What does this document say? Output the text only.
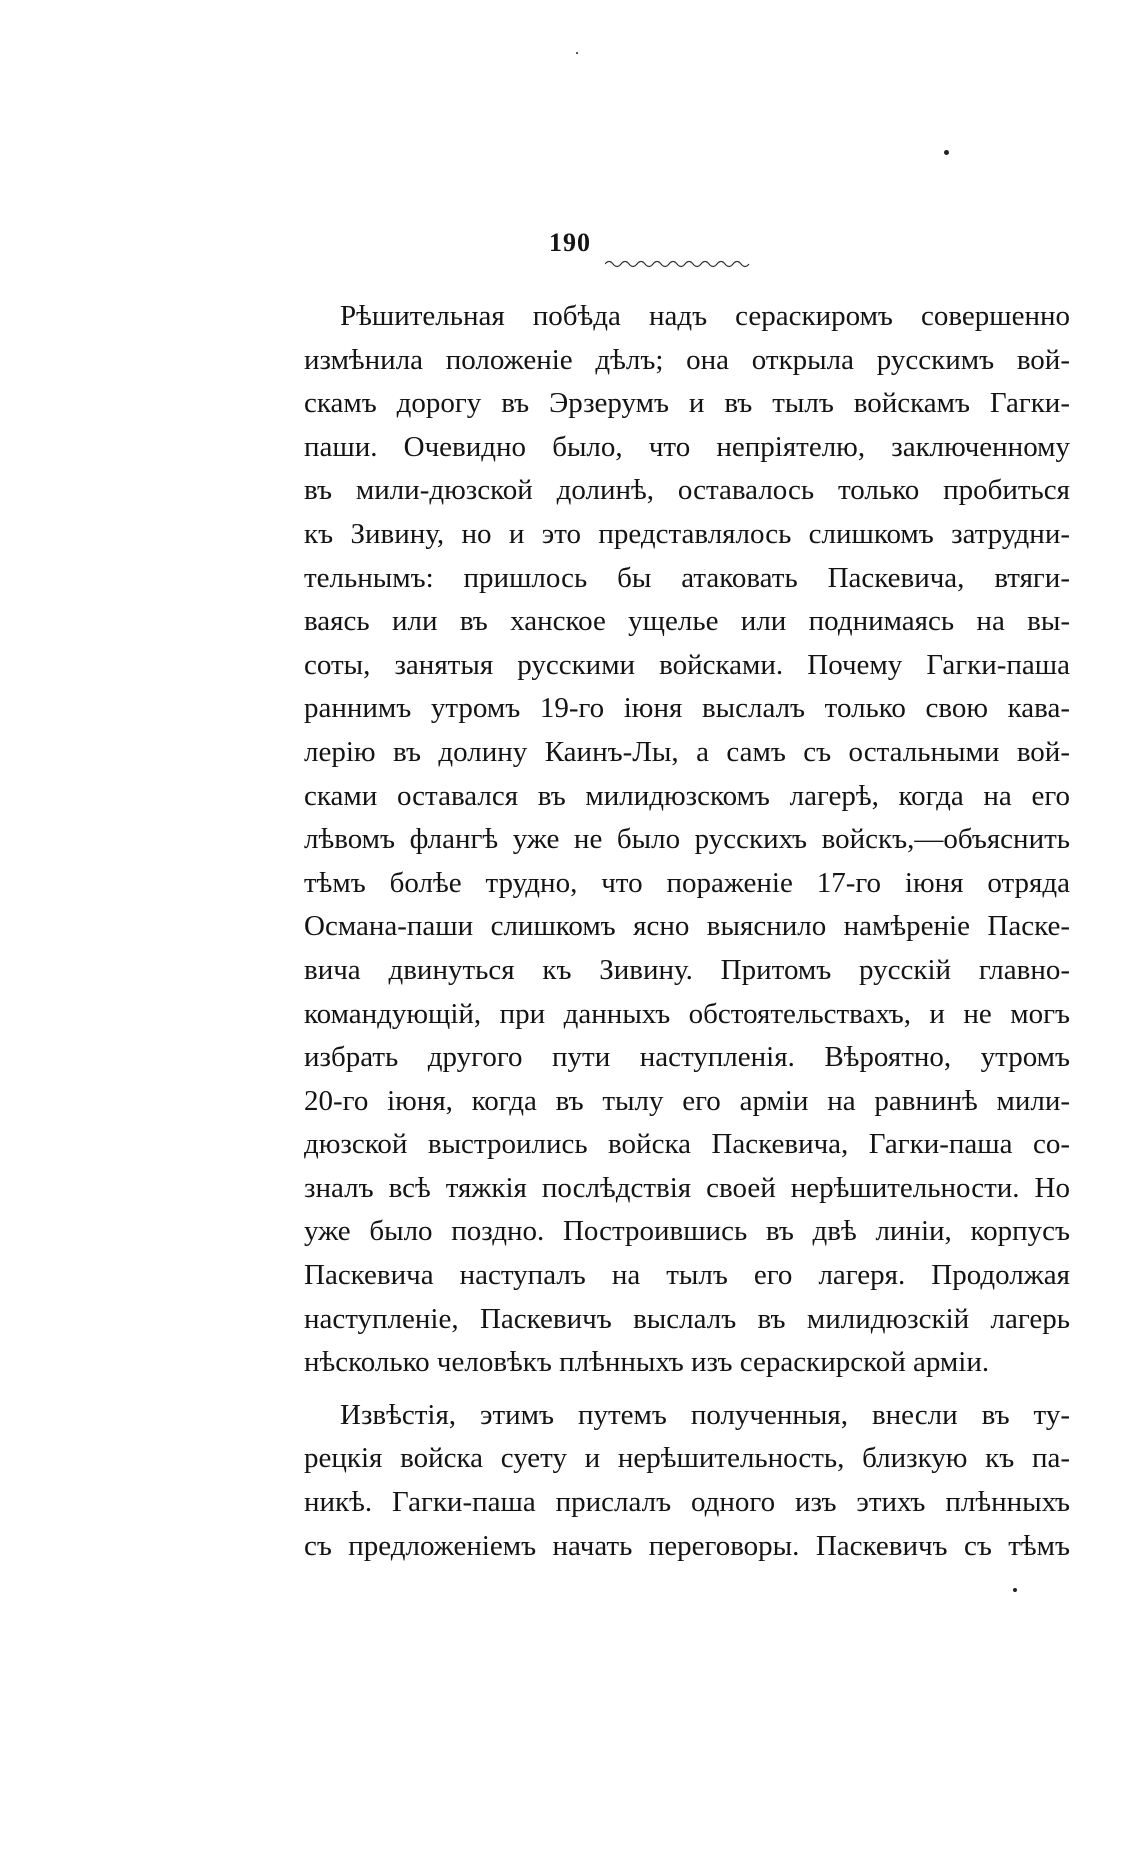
190
Рѣшительная побѣда надъ сераскиромъ совершенно
измѣнила положеніе дѣлъ; она открыла русскимъ вой-
скамъ дорогу въ Эрзерумъ и въ тылъ войскамъ Гагки-
паши. Очевидно было, что непріятелю, заключенному
въ мили-дюзской долинѣ, оставалось только пробиться
къ Зивину, но и это представлялось слишкомъ затрудни-
тельнымъ: пришлось бы атаковать Паскевича, втяги-
ваясь или въ ханское ущелье или поднимаясь на вы-
соты, занятыя русскими войсками. Почему Гагки-паша
раннимъ утромъ 19-го іюня выслалъ только свою кава-
лерію въ долину Каинъ-Лы, а самъ съ остальными вой-
сками оставался въ милидюзскомъ лагерѣ, когда на его
лѣвомъ флангѣ уже не было русскихъ войскъ,—объяснить
тѣмъ болѣе трудно, что пораженіе 17-го іюня отряда
Османа-паши слишкомъ ясно выяснило намѣреніе Паске-
вича двинуться къ Зивину. Притомъ русскій главно-
командующій, при данныхъ обстоятельствахъ, и не могъ
избрать другого пути наступленія. Вѣроятно, утромъ
20-го іюня, когда въ тылу его арміи на равнинѣ мили-
дюзской выстроились войска Паскевича, Гагки-паша со-
зналъ всѣ тяжкія послѣдствія своей нерѣшительности. Но
уже было поздно. Построившись въ двѣ линіи, корпусъ
Паскевича наступалъ на тылъ его лагеря. Продолжая
наступленіе, Паскевичъ выслалъ въ милидюзскій лагерь
нѣсколько человѣкъ плѣнныхъ изъ сераскирской арміи.
Извѣстія, этимъ путемъ полученныя, внесли въ ту-
рецкія войска суету и нерѣшительность, близкую къ па-
никѣ. Гагки-паша прислалъ одного изъ этихъ плѣнныхъ
съ предложеніемъ начать переговоры. Паскевичъ съ тѣмъ
